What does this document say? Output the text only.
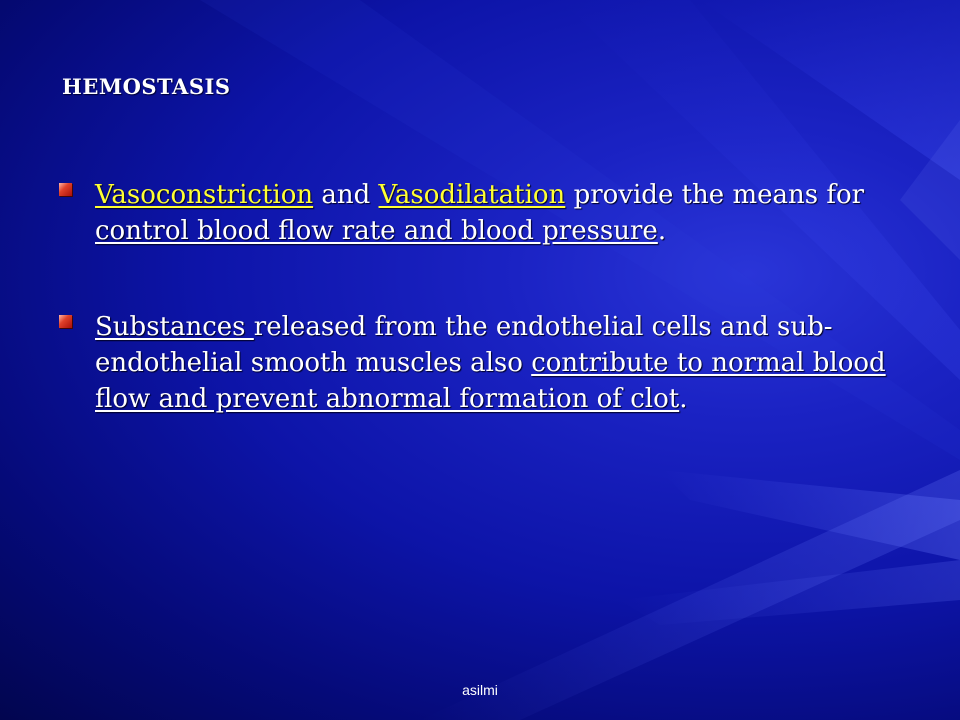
HEMOSTASIS
Vasoconstriction and Vasodilatation provide the means for control blood flow rate and blood pressure.
Substances released from the endothelial cells and sub-endothelial smooth muscles also contribute to normal blood flow and prevent abnormal formation of clot.
asilmi
